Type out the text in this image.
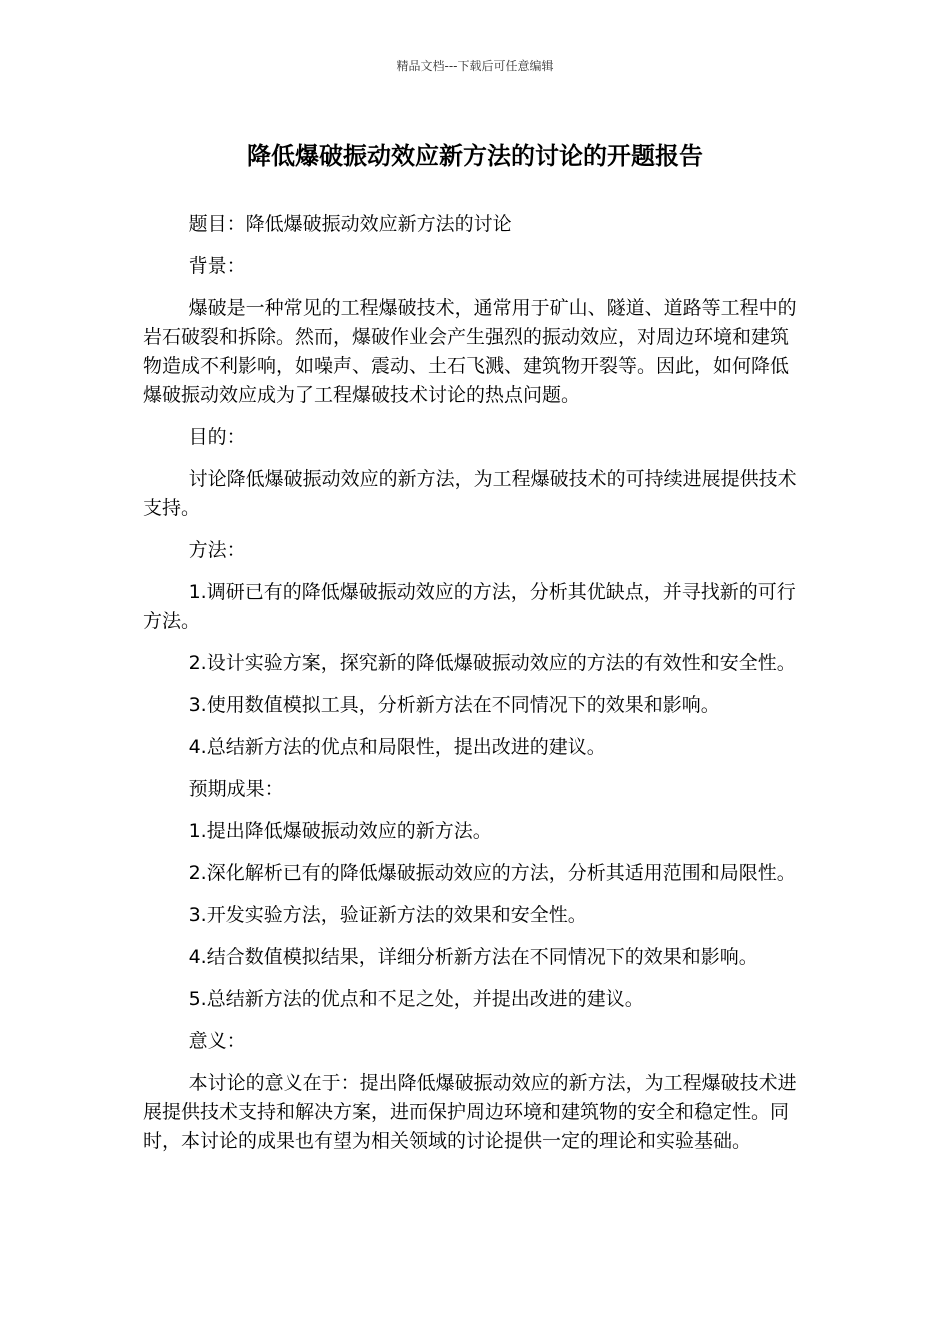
精品文档---下载后可任意编辑
降低爆破振动效应新方法的讨论的开题报告

题目：降低爆破振动效应新方法的讨论

背景：

爆破是一种常见的工程爆破技术，通常用于矿山、隧道、道路等工程中的岩石破裂和拆除。然而，爆破作业会产生强烈的振动效应，对周边环境和建筑物造成不利影响，如噪声、震动、土石飞溅、建筑物开裂等。因此，如何降低爆破振动效应成为了工程爆破技术讨论的热点问题。

目的：

讨论降低爆破振动效应的新方法，为工程爆破技术的可持续进展提供技术支持。

方法：

1.调研已有的降低爆破振动效应的方法，分析其优缺点，并寻找新的可行方法。

2.设计实验方案，探究新的降低爆破振动效应的方法的有效性和安全性。

3.使用数值模拟工具，分析新方法在不同情况下的效果和影响。

4.总结新方法的优点和局限性，提出改进的建议。

预期成果：

1.提出降低爆破振动效应的新方法。

2.深化解析已有的降低爆破振动效应的方法，分析其适用范围和局限性。

3.开发实验方法，验证新方法的效果和安全性。

4.结合数值模拟结果，详细分析新方法在不同情况下的效果和影响。

5.总结新方法的优点和不足之处，并提出改进的建议。

意义：

本讨论的意义在于：提出降低爆破振动效应的新方法，为工程爆破技术进展提供技术支持和解决方案，进而保护周边环境和建筑物的安全和稳定性。同时，本讨论的成果也有望为相关领域的讨论提供一定的理论和实验基础。
